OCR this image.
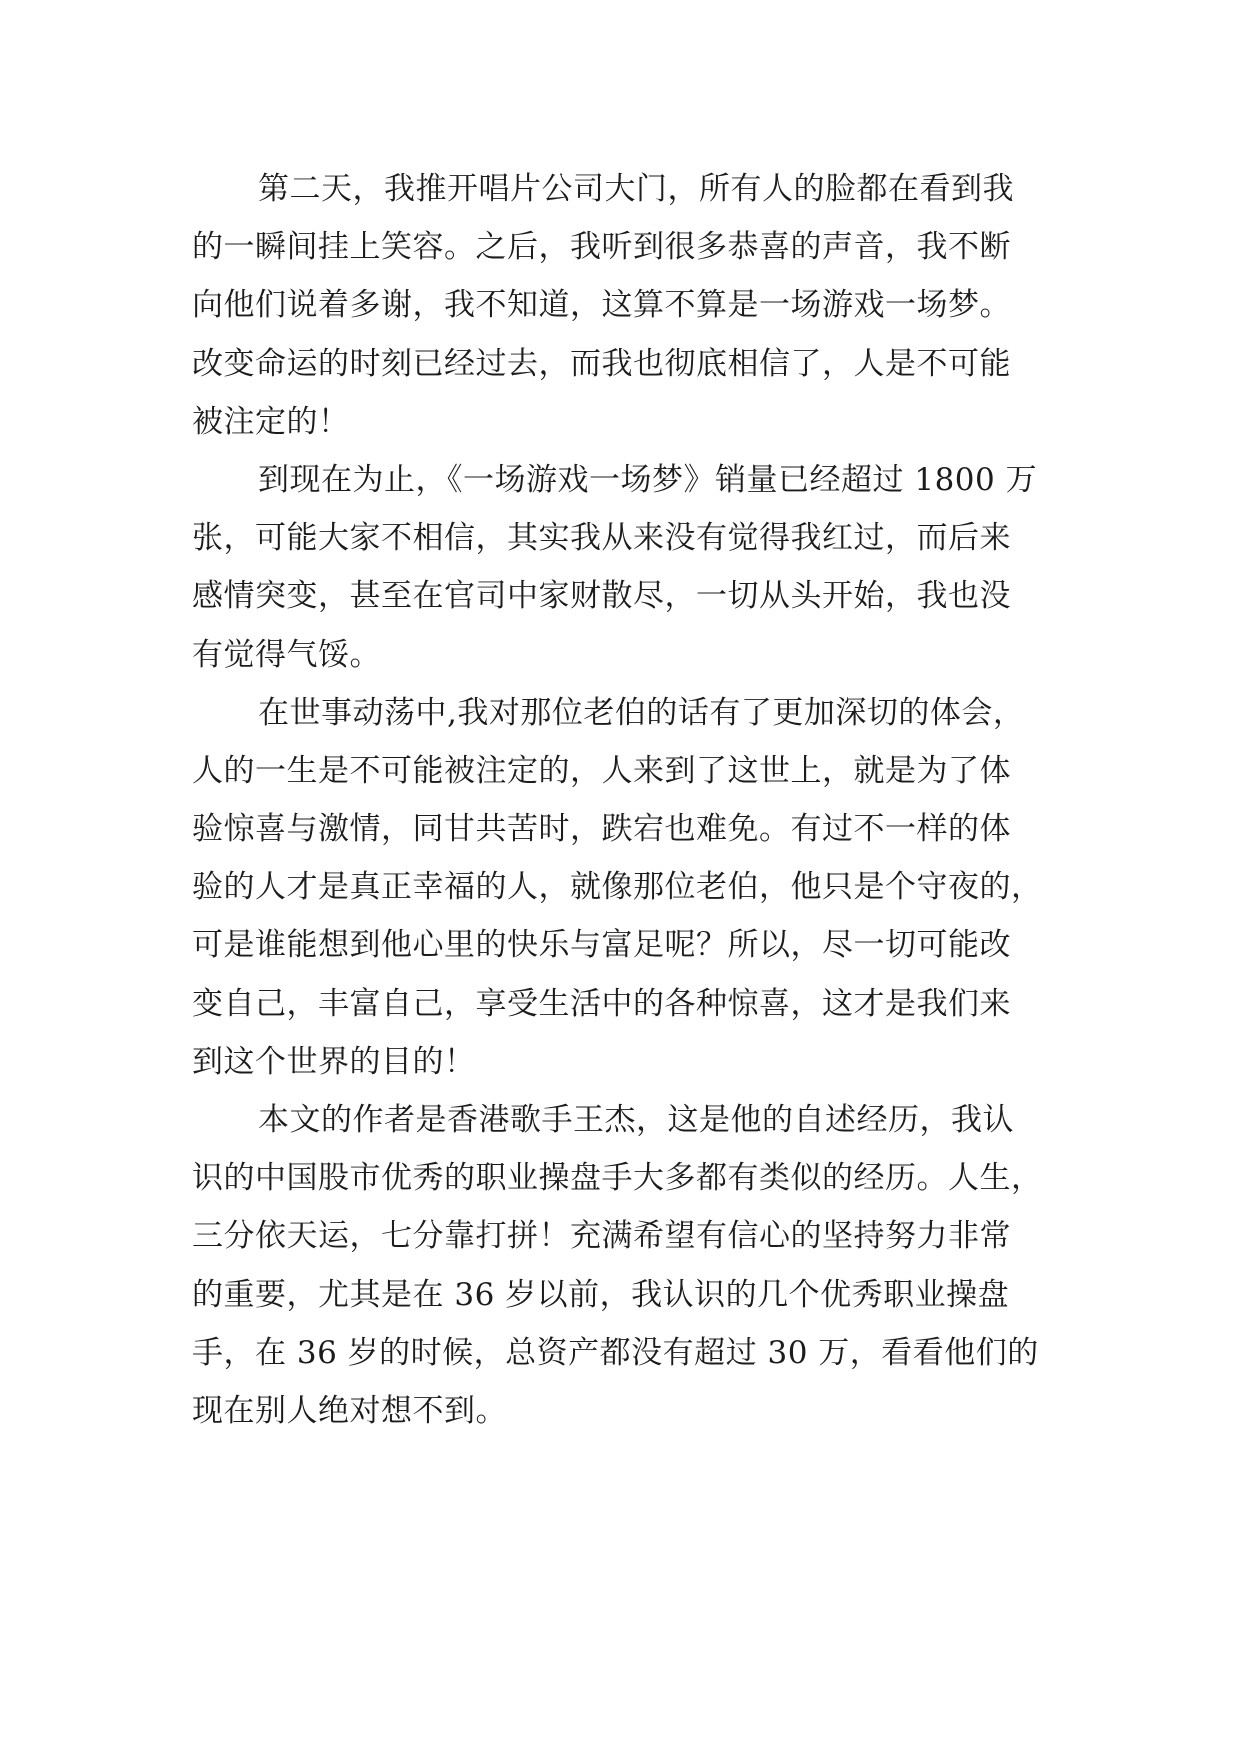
第二天，我推开唱片公司大门，所有人的脸都在看到我
的一瞬间挂上笑容。之后，我听到很多恭喜的声音，我不断
向他们说着多谢，我不知道，这算不算是一场游戏一场梦。
改变命运的时刻已经过去，而我也彻底相信了，人是不可能
被注定的！
到现在为止，《一场游戏一场梦》销量已经超过 1800 万
张，可能大家不相信，其实我从来没有觉得我红过，而后来
感情突变，甚至在官司中家财散尽，一切从头开始，我也没
有觉得气馁。
在世事动荡中,我对那位老伯的话有了更加深切的体会，
人的一生是不可能被注定的，人来到了这世上，就是为了体
验惊喜与激情，同甘共苦时，跌宕也难免。有过不一样的体
验的人才是真正幸福的人，就像那位老伯，他只是个守夜的，
可是谁能想到他心里的快乐与富足呢？所以，尽一切可能改
变自己，丰富自己，享受生活中的各种惊喜，这才是我们来
到这个世界的目的！
本文的作者是香港歌手王杰，这是他的自述经历，我认
识的中国股市优秀的职业操盘手大多都有类似的经历。人生，
三分依天运，七分靠打拼！充满希望有信心的坚持努力非常
的重要，尤其是在 36 岁以前，我认识的几个优秀职业操盘
手，在 36 岁的时候，总资产都没有超过 30 万，看看他们的
现在别人绝对想不到。
